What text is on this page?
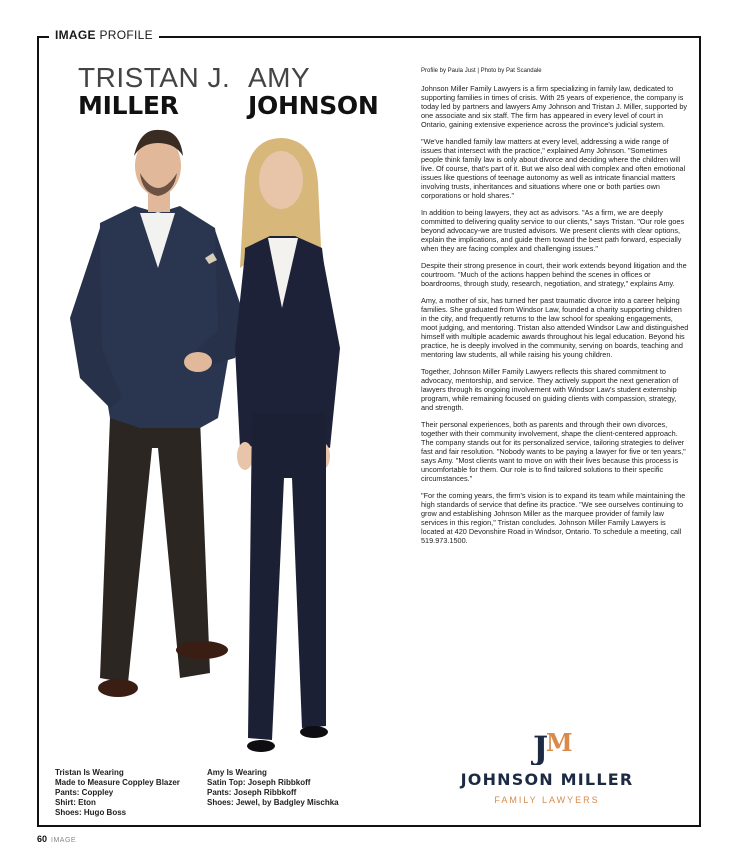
IMAGE PROFILE
TRISTAN J.
MILLER
AMY
JOHNSON
Profile by Paula Just | Photo by Pat Scandale

Johnson Miller Family Lawyers is a firm specializing in family law, dedicated to supporting families in times of crisis. With 25 years of experience, the company is today led by partners and lawyers Amy Johnson and Tristan J. Miller, supported by one associate and six staff. The firm has appeared in every level of court in Ontario, gaining extensive experience across the province's judicial system.

"We've handled family law matters at every level, addressing a wide range of issues that intersect with the practice," explained Amy Johnson. "Sometimes people think family law is only about divorce and deciding where the children will live. Of course, that's part of it. But we also deal with complex and often emotional issues like questions of teenage autonomy as well as intricate financial matters involving trusts, inheritances and situations where one or both parties own corporations or hold shares."

In addition to being lawyers, they act as advisors. "As a firm, we are deeply committed to delivering quality service to our clients," says Tristan. "Our role goes beyond advocacy-we are trusted advisors. We present clients with clear options, explain the implications, and guide them toward the best path forward, especially when they are facing complex and challenging issues."

Despite their strong presence in court, their work extends beyond litigation and the courtroom. "Much of the actions happen behind the scenes in offices or boardrooms, through study, research, negotiation, and strategy," explains Amy.

Amy, a mother of six, has turned her past traumatic divorce into a career helping families. She graduated from Windsor Law, founded a charity supporting children in the city, and frequently returns to the law school for speaking engagements, moot judging, and mentoring. Tristan also attended Windsor Law and distinguished himself with multiple academic awards throughout his legal education. Beyond his practice, he is deeply involved in the community, serving on boards, teaching and mentoring law students, all while raising his young children.

Together, Johnson Miller Family Lawyers reflects this shared commitment to advocacy, mentorship, and service. They actively support the next generation of lawyers through its ongoing involvement with Windsor Law's student externship program, while remaining focused on guiding clients with compassion, strategy, and strength.

Their personal experiences, both as parents and through their own divorces, together with their community involvement, shape the client-centered approach. The company stands out for its personalized service, tailoring strategies to deliver fast and fair resolution. "Nobody wants to be paying a lawyer for five or ten years," says Amy. "Most clients want to move on with their lives because this process is uncomfortable for them. Our role is to find tailored solutions to their specific circumstances."

"For the coming years, the firm's vision is to expand its team while maintaining the high standards of service that define its practice. "We see ourselves continuing to grow and establishing Johnson Miller as the marquee provider of family law services in this region," Tristan concludes. Johnson Miller Family Lawyers is located at 420 Devonshire Road in Windsor, Ontario. To schedule a meeting, call 519.973.1500.

Tristan Is Wearing
Made to Measure Coppley Blazer
Pants: Coppley
Shirt: Eton
Shoes: Hugo Boss
Amy Is Wearing
Satin Top: Joseph Ribbkoff
Pants: Joseph Ribbkoff
Shoes: Jewel, by Badgley Mischka
J
M
JOHNSON MILLER
FAMILY LAWYERS
60 IMAGE
